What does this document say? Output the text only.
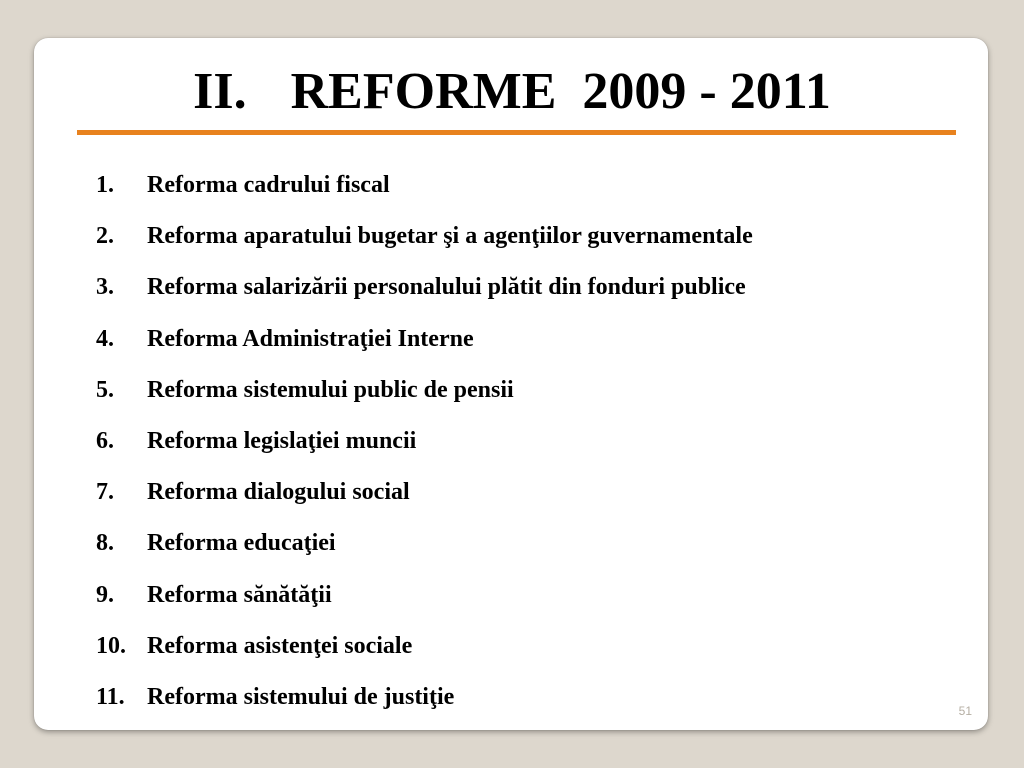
II. REFORME  2009 - 2011
1.	Reforma cadrului fiscal
2.	Reforma aparatului bugetar şi a agenţiilor guvernamentale
3.	Reforma salarizării personalului plătit din fonduri publice
4.	Reforma Administraţiei Interne
5.	Reforma sistemului public de pensii
6.	Reforma legislaţiei muncii
7.	Reforma dialogului social
8.	Reforma educaţiei
9.	Reforma sănătăţii
10. Reforma asistenţei sociale
11. Reforma sistemului de justiţie
51
